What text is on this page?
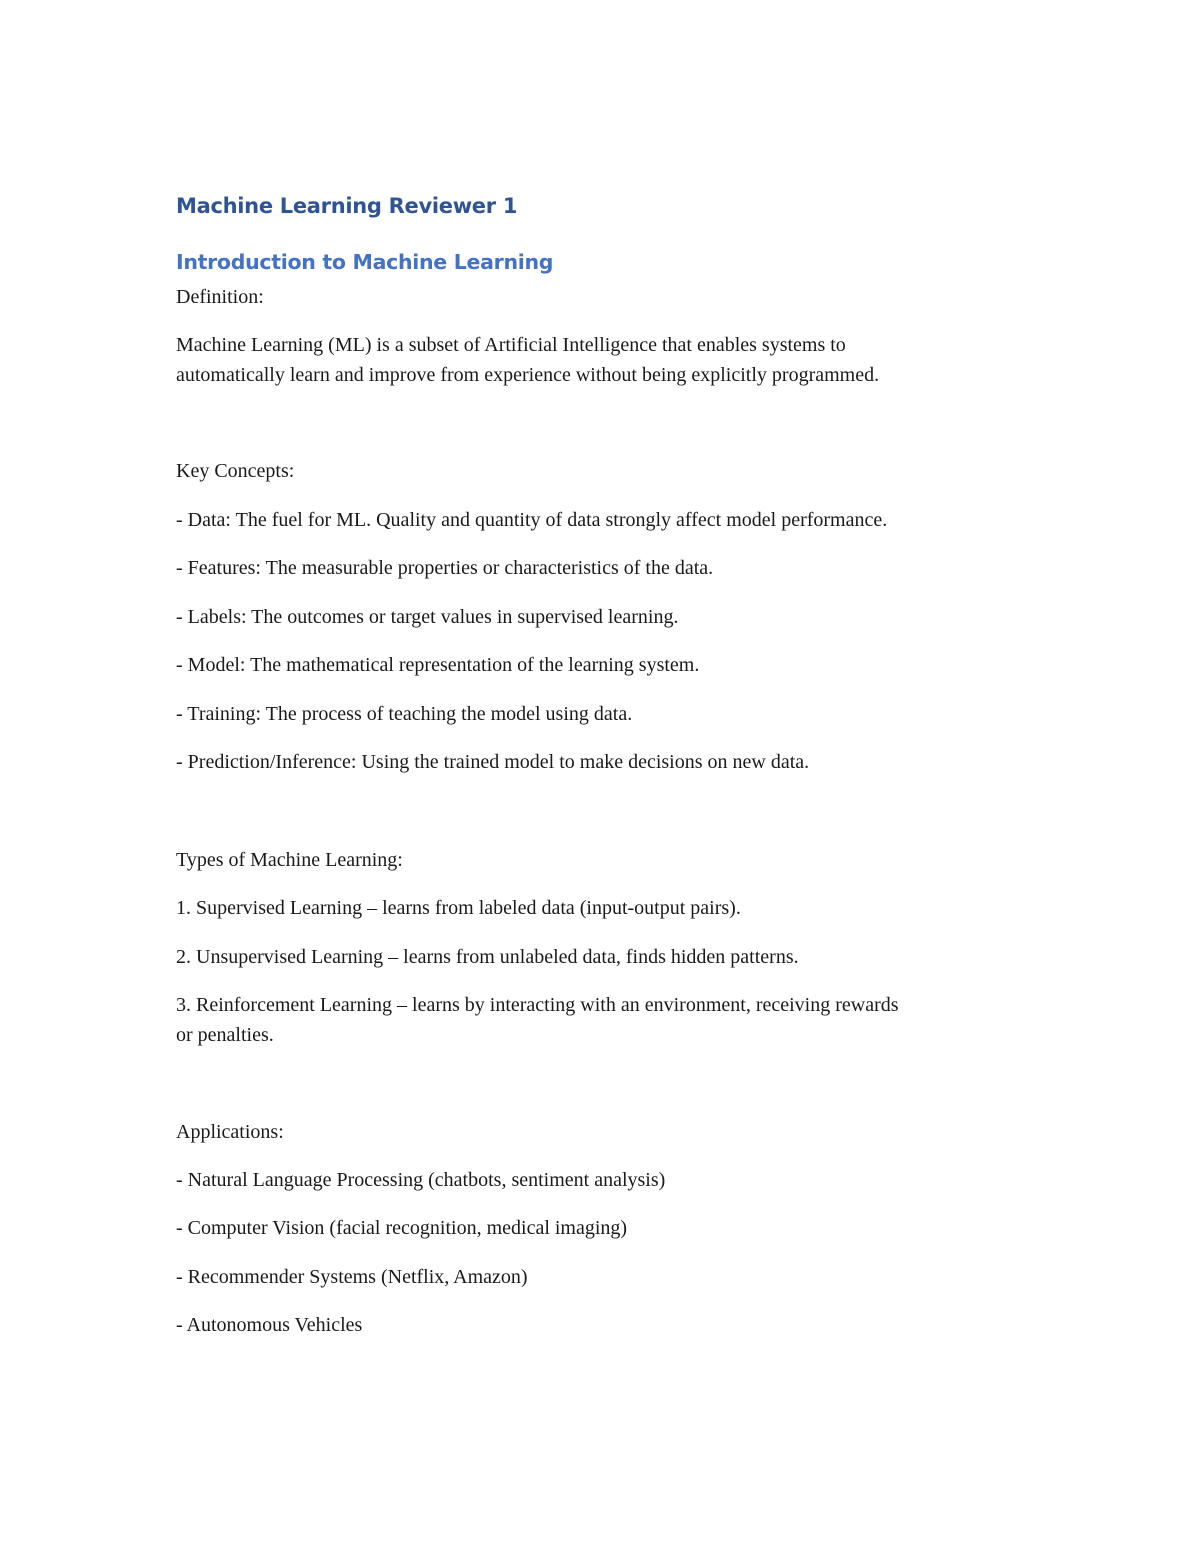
Machine Learning Reviewer 1
Introduction to Machine Learning
Definition:
Machine Learning (ML) is a subset of Artificial Intelligence that enables systems to
automatically learn and improve from experience without being explicitly programmed.
Key Concepts:
- Data: The fuel for ML. Quality and quantity of data strongly affect model performance.
- Features: The measurable properties or characteristics of the data.
- Labels: The outcomes or target values in supervised learning.
- Model: The mathematical representation of the learning system.
- Training: The process of teaching the model using data.
- Prediction/Inference: Using the trained model to make decisions on new data.
Types of Machine Learning:
1. Supervised Learning – learns from labeled data (input-output pairs).
2. Unsupervised Learning – learns from unlabeled data, finds hidden patterns.
3. Reinforcement Learning – learns by interacting with an environment, receiving rewards
or penalties.
Applications:
- Natural Language Processing (chatbots, sentiment analysis)
- Computer Vision (facial recognition, medical imaging)
- Recommender Systems (Netflix, Amazon)
- Autonomous Vehicles
